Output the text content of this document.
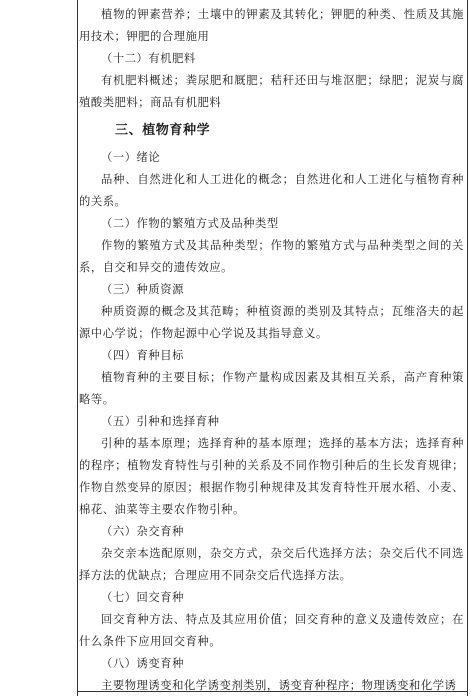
植物的钾素营养；土壤中的钾素及其转化；钾肥的种类、性质及其施用技术；钾肥的合理施用

（十二）有机肥料

有机肥料概述；粪尿肥和厩肥；秸秆还田与堆沤肥；绿肥；泥炭与腐殖酸类肥料；商品有机肥料

三、植物育种学

（一）绪论

品种、自然进化和人工进化的概念；自然进化和人工进化与植物育种的关系。

（二）作物的繁殖方式及品种类型

作物的繁殖方式及其品种类型；作物的繁殖方式与品种类型之间的关系，自交和异交的遗传效应。

（三）种质资源

种质资源的概念及其范畴；种植资源的类别及其特点；瓦维洛夫的起源中心学说；作物起源中心学说及其指导意义。

（四）育种目标

植物育种的主要目标；作物产量构成因素及其相互关系，高产育种策略等。

（五）引种和选择育种

引种的基本原理；选择育种的基本原理；选择的基本方法；选择育种的程序；植物发育特性与引种的关系及不同作物引种后的生长发育规律；作物自然变异的原因；根据作物引种规律及其发育特性开展水稻、小麦、棉花、油菜等主要农作物引种。

（六）杂交育种

杂交亲本选配原则，杂交方式，杂交后代选择方法；杂交后代不同选择方法的优缺点；合理应用不同杂交后代选择方法。

（七）回交育种

回交育种方法、特点及其应用价值；回交育种的意义及遗传效应；在什么条件下应用回交育种。

（八）诱变育种

主要物理诱变和化学诱变剂类别，诱变育种程序；物理诱变和化学诱
